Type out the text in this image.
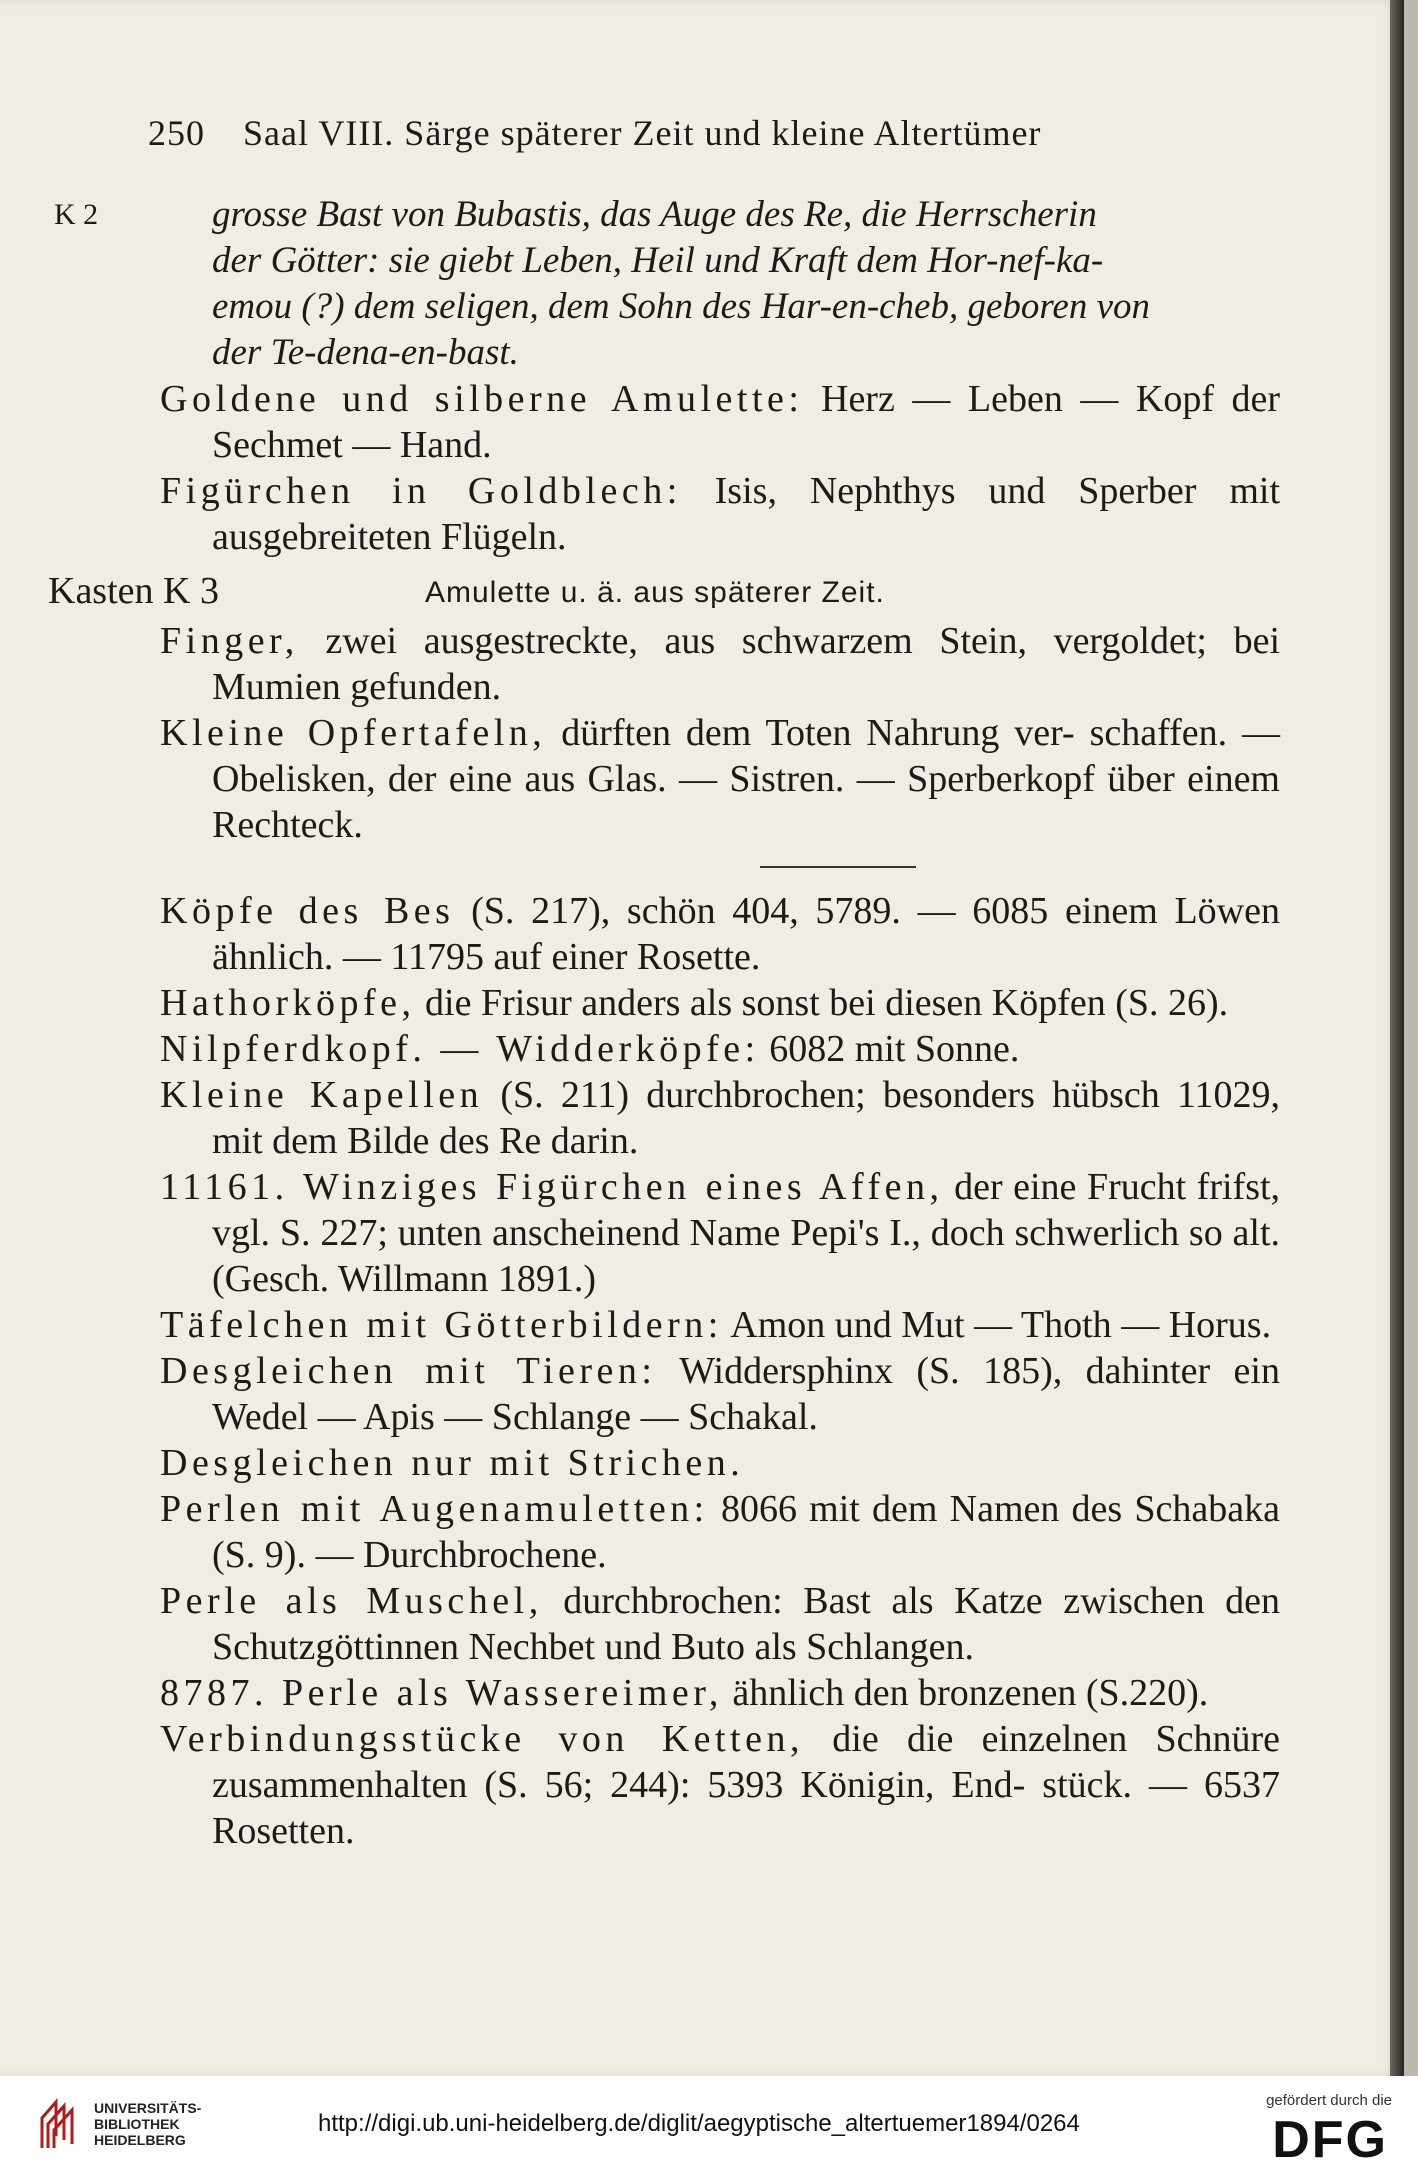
250 Saal VIII. Särge späterer Zeit und kleine Altertümer
K 2	grosse Bast von Bubastis, das Auge des Re, die Herrscherin
der Götter: sie giebt Leben, Heil und Kraft dem Hor-nef-ka-
emou (?) dem seligen, dem Sohn des Har-en-cheb, geboren von
der Te-dena-en-bast.
Goldene und silberne Amulette: Herz — Leben — Kopf der Sechmet — Hand.
Figürchen in Goldblech: Isis, Nephthys und Sperber mit ausgebreiteten Flügeln.
Kasten K 3	Amulette u. ä. aus späterer Zeit.
Finger, zwei ausgestreckte, aus schwarzem Stein, vergoldet; bei Mumien gefunden.
Kleine Opfertafeln, dürften dem Toten Nahrung ver- schaffen. — Obelisken, der eine aus Glas. — Sistren. — Sperberkopf über einem Rechteck.
Köpfe des Bes (S. 217), schön 404, 5789. — 6085 einem Löwen ähnlich. — 11795 auf einer Rosette.
Hathorköpfe, die Frisur anders als sonst bei diesen Köpfen (S. 26).
Nilpferdkopf. — Widderköpfe: 6082 mit Sonne.
Kleine Kapellen (S. 211) durchbrochen; besonders hübsch 11029, mit dem Bilde des Re darin.
11161. Winziges Figürchen eines Affen, der eine Frucht frifst, vgl. S. 227; unten anscheinend Name Pepi's I., doch schwerlich so alt. (Gesch. Willmann 1891.)
Täfelchen mit Götterbildern: Amon und Mut — Thoth — Horus.
Desgleichen mit Tieren: Widdersphinx (S. 185), dahinter ein Wedel — Apis — Schlange — Schakal.
Desgleichen nur mit Strichen.
Perlen mit Augenamuletten: 8066 mit dem Namen des Schabaka (S. 9). — Durchbrochene.
Perle als Muschel, durchbrochen: Bast als Katze zwischen den Schutzgöttinnen Nechbet und Buto als Schlangen.
8787. Perle als Wassereimer, ähnlich den bronzenen (S.220).
Verbindungsstücke von Ketten, die die einzelnen Schnüre zusammenhalten (S. 56; 244): 5393 Königin, End- stück. — 6537 Rosetten.
UNIVERSITÄTS-
BIBLIOTHEK
HEIDELBERG
http://digi.ub.uni-heidelberg.de/diglit/aegyptische_altertuemer1894/0264
gefördert durch die
DFG
